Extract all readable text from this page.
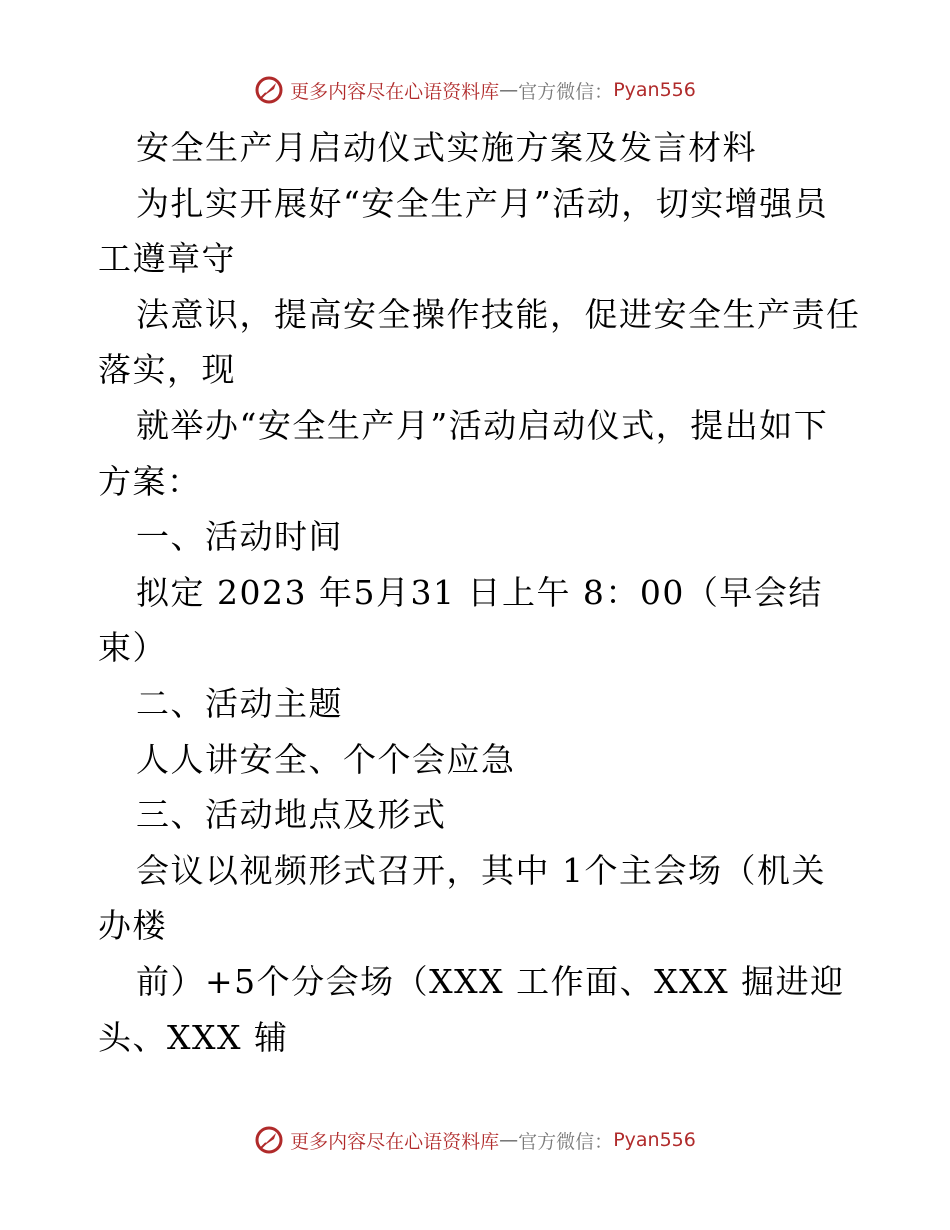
更多内容尽在心语资料库 — 官方微信： Pyan556
安全生产月启动仪式实施方案及发言材料
为扎实开展好“安全生产月”活动，切实增强员
工遵章守
法意识，提高安全操作技能，促进安全生产责任
落实，现
就举办“安全生产月”活动启动仪式，提出如下
方案：
一、活动时间
拟定 2023 年5月31 日上午 8：00（早会结
束）
二、活动主题
人人讲安全、个个会应急
三、活动地点及形式
会议以视频形式召开，其中 1个主会场（机关
办楼
前）+5个分会场（XXX 工作面、XXX 掘进迎
头、XXX 辅
更多内容尽在心语资料库 — 官方微信： Pyan556
